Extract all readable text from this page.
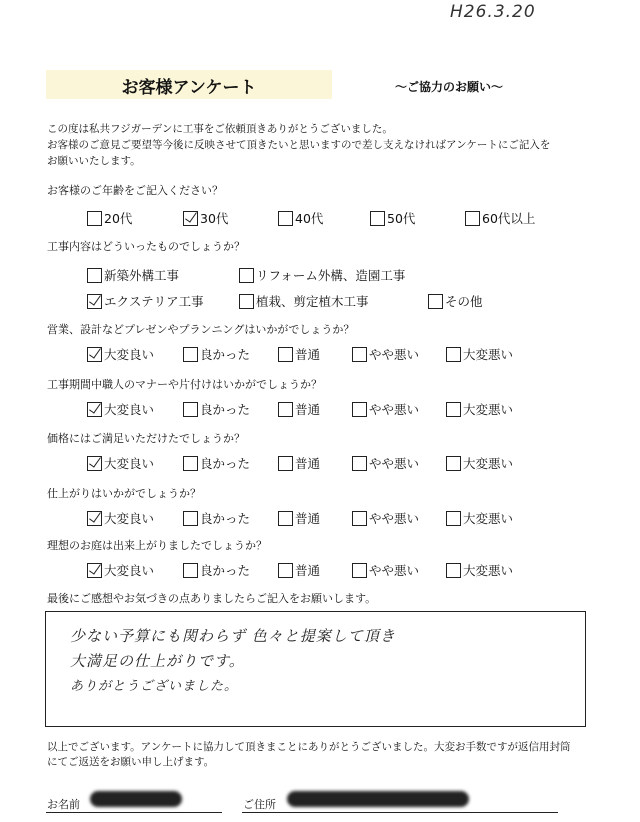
H26.3.20
お客様アンケート	～ご協力のお願い～
この度は私共フジガーデンに工事をご依頼頂きありがとうございました。
お客様のご意見ご要望等今後に反映させて頂きたいと思いますので差し支えなければアンケートにご記入を
お願いいたします。
お客様のご年齢をご記入ください？
20代	30代	40代	50代	60代以上
工事内容はどういったものでしょうか？
新築外構工事	リフォーム外構、造園工事
エクステリア工事	植栽、剪定植木工事	その他
営業、設計などプレゼンやプランニングはいかがでしょうか？
大変良い	良かった	普通	やや悪い	大変悪い
工事期間中職人のマナーや片付けはいかがでしょうか？
大変良い	良かった	普通	やや悪い	大変悪い
価格にはご満足いただけたでしょうか？
大変良い	良かった	普通	やや悪い	大変悪い
仕上がりはいかがでしょうか？
大変良い	良かった	普通	やや悪い	大変悪い
理想のお庭は出来上がりましたでしょうか？
大変良い	良かった	普通	やや悪い	大変悪い
最後にご感想やお気づきの点ありましたらご記入をお願いします。
少ない予算にも関わらず 色々と提案して頂き
大満足の仕上がりです。
ありがとうございました。
以上でございます。アンケートに協力して頂きまことにありがとうございました。大変お手数ですが返信用封筒
にてご返送をお願い申し上げます。
お名前	ご住所
